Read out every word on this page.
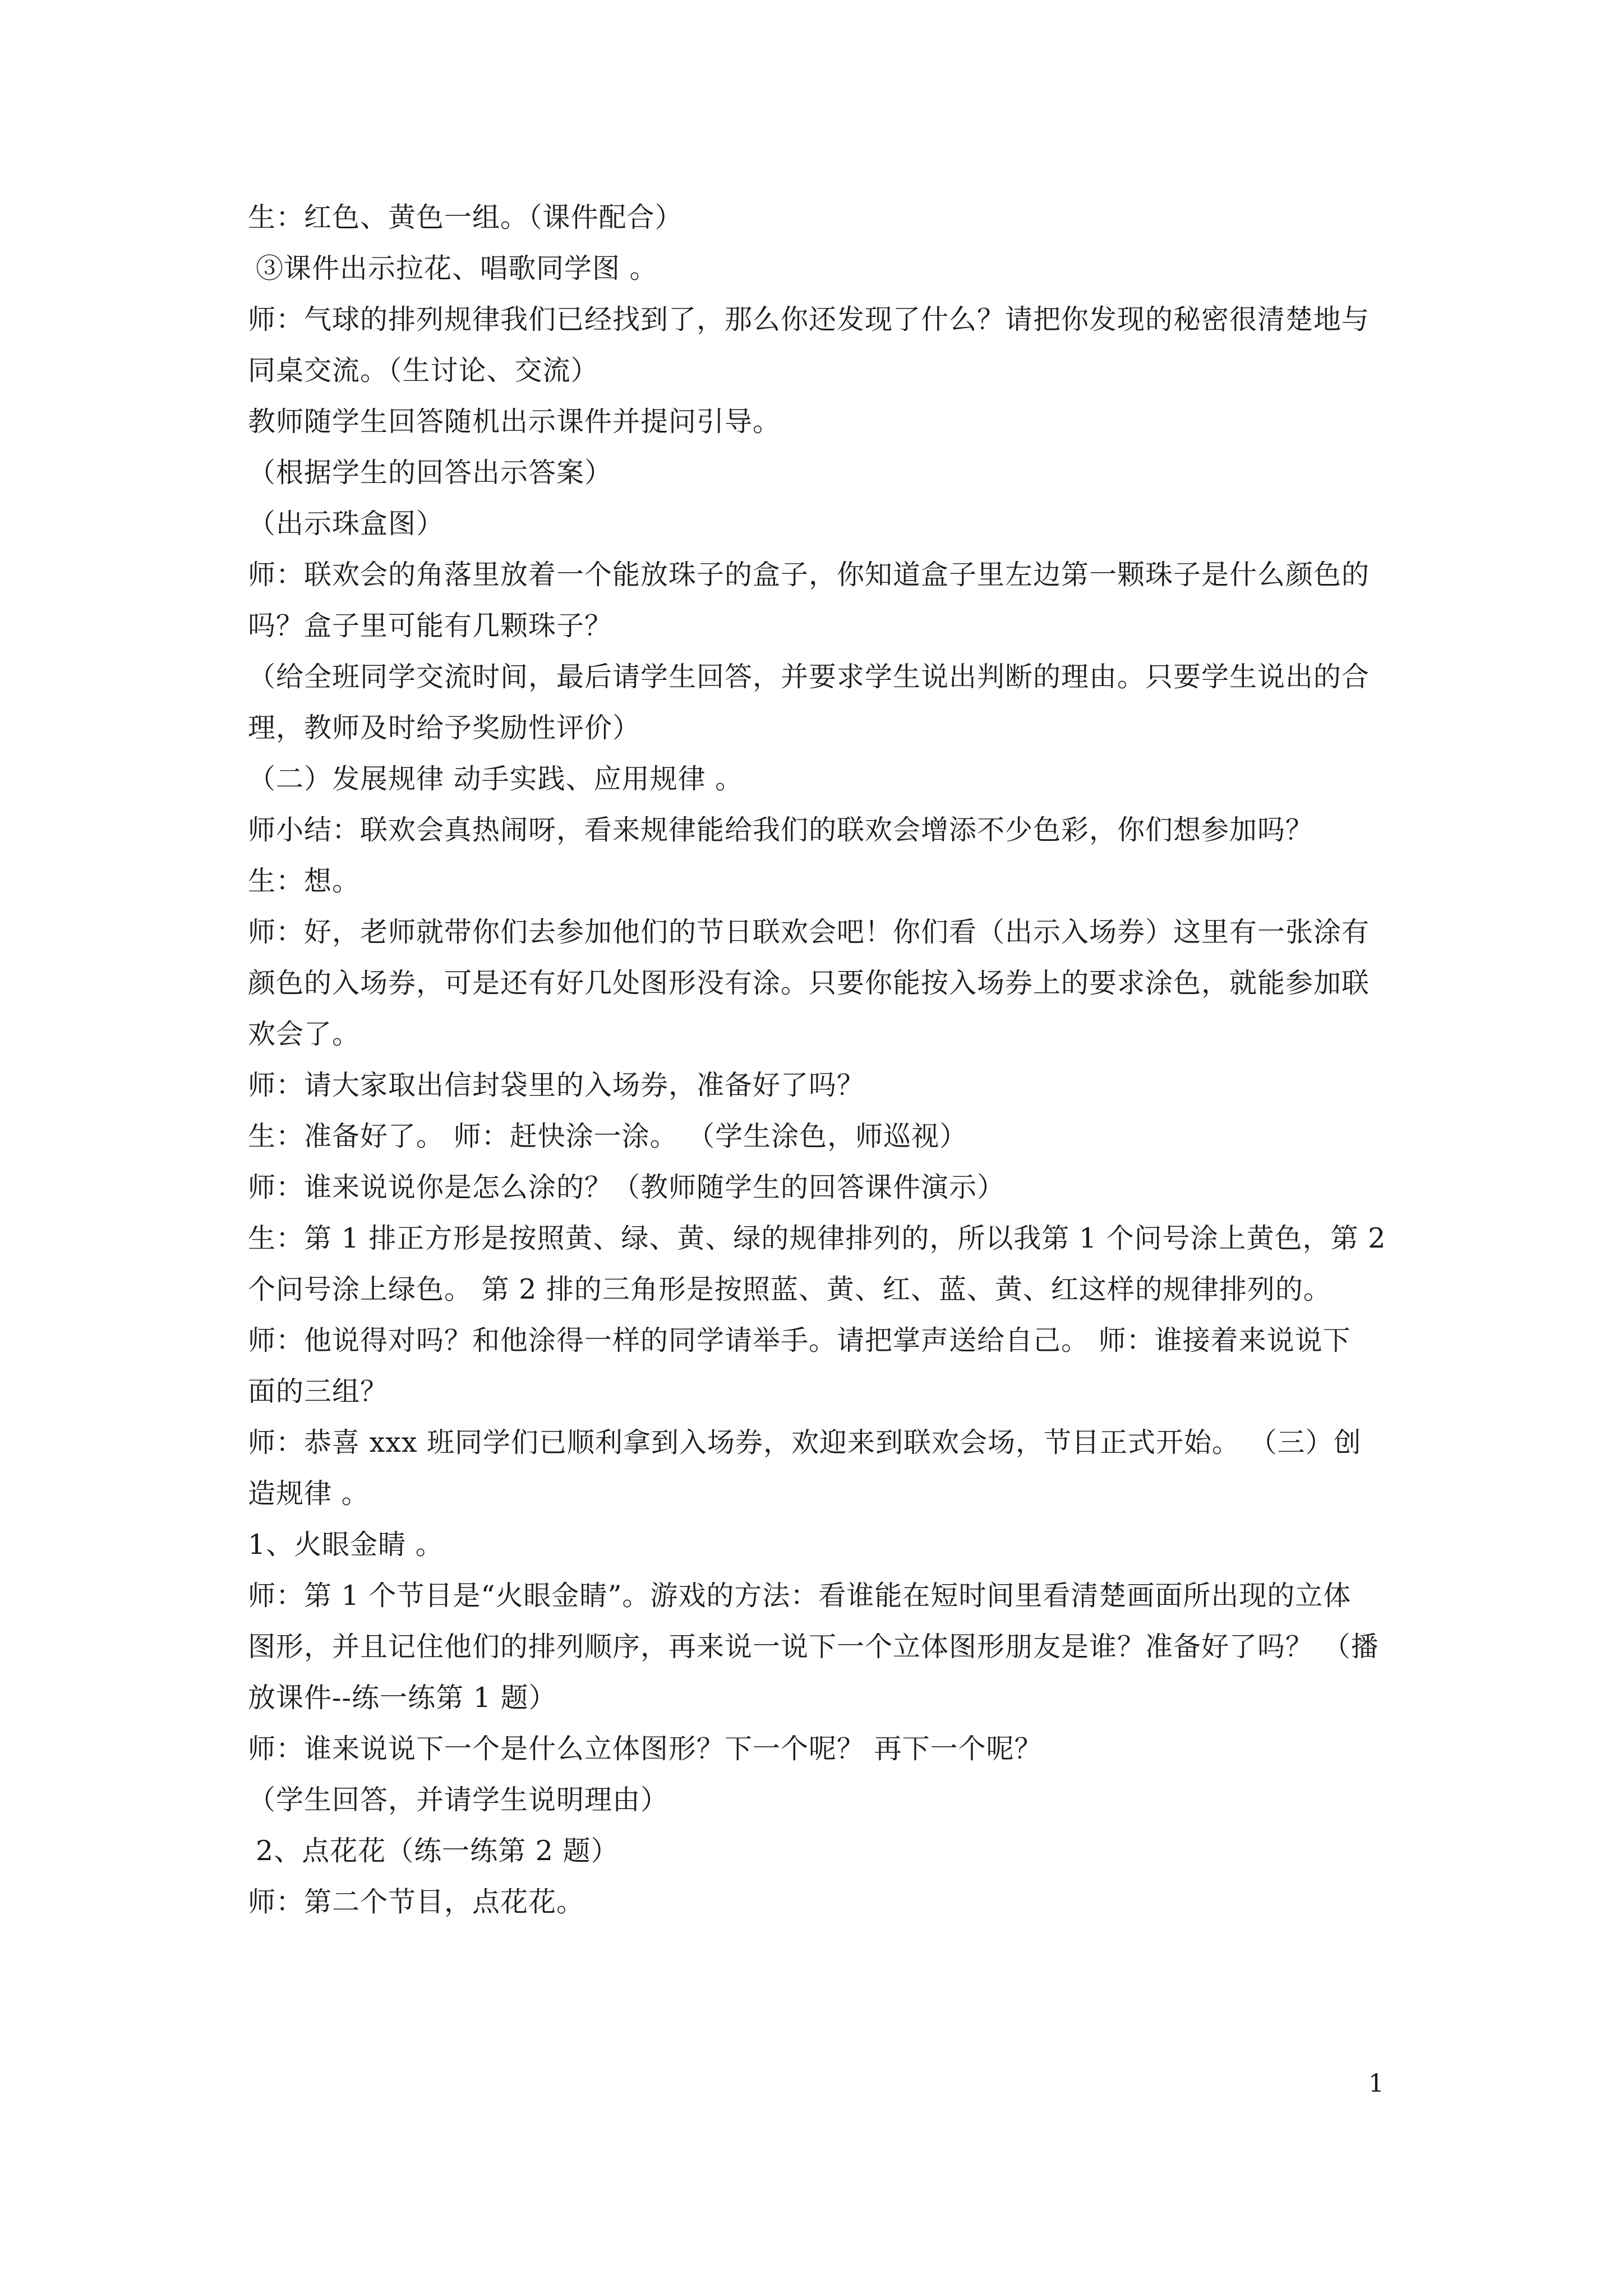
生：红色、黄色一组。（课件配合）
③课件出示拉花、唱歌同学图 。
师：气球的排列规律我们已经找到了，那么你还发现了什么？请把你发现的秘密很清楚地与
同桌交流。（生讨论、交流）
教师随学生回答随机出示课件并提问引导。
（根据学生的回答出示答案）
（出示珠盒图）
师：联欢会的角落里放着一个能放珠子的盒子，你知道盒子里左边第一颗珠子是什么颜色的
吗？盒子里可能有几颗珠子？
（给全班同学交流时间，最后请学生回答，并要求学生说出判断的理由。只要学生说出的合
理，教师及时给予奖励性评价）
（二）发展规律 动手实践、应用规律 。
师小结：联欢会真热闹呀，看来规律能给我们的联欢会增添不少色彩，你们想参加吗？
生：想。
师：好，老师就带你们去参加他们的节日联欢会吧！你们看（出示入场券）这里有一张涂有
颜色的入场券，可是还有好几处图形没有涂。只要你能按入场券上的要求涂色，就能参加联
欢会了。
师：请大家取出信封袋里的入场券，准备好了吗？
生：准备好了。 师：赶快涂一涂。 （学生涂色，师巡视）
师：谁来说说你是怎么涂的？（教师随学生的回答课件演示）
生：第 1 排正方形是按照黄、绿、黄、绿的规律排列的，所以我第 1 个问号涂上黄色，第 2
个问号涂上绿色。 第 2 排的三角形是按照蓝、黄、红、蓝、黄、红这样的规律排列的。
师：他说得对吗？和他涂得一样的同学请举手。请把掌声送给自己。 师：谁接着来说说下
面的三组？
师：恭喜 xxx 班同学们已顺利拿到入场券，欢迎来到联欢会场，节目正式开始。 （三）创
造规律 。
1、火眼金睛 。
师：第 1 个节目是“火眼金睛”。游戏的方法：看谁能在短时间里看清楚画面所出现的立体
图形，并且记住他们的排列顺序，再来说一说下一个立体图形朋友是谁？准备好了吗？ （播
放课件--练一练第 1 题）
师：谁来说说下一个是什么立体图形？下一个呢？ 再下一个呢？
（学生回答，并请学生说明理由）
2、点花花（练一练第 2 题）
师：第二个节目，点花花。
1
